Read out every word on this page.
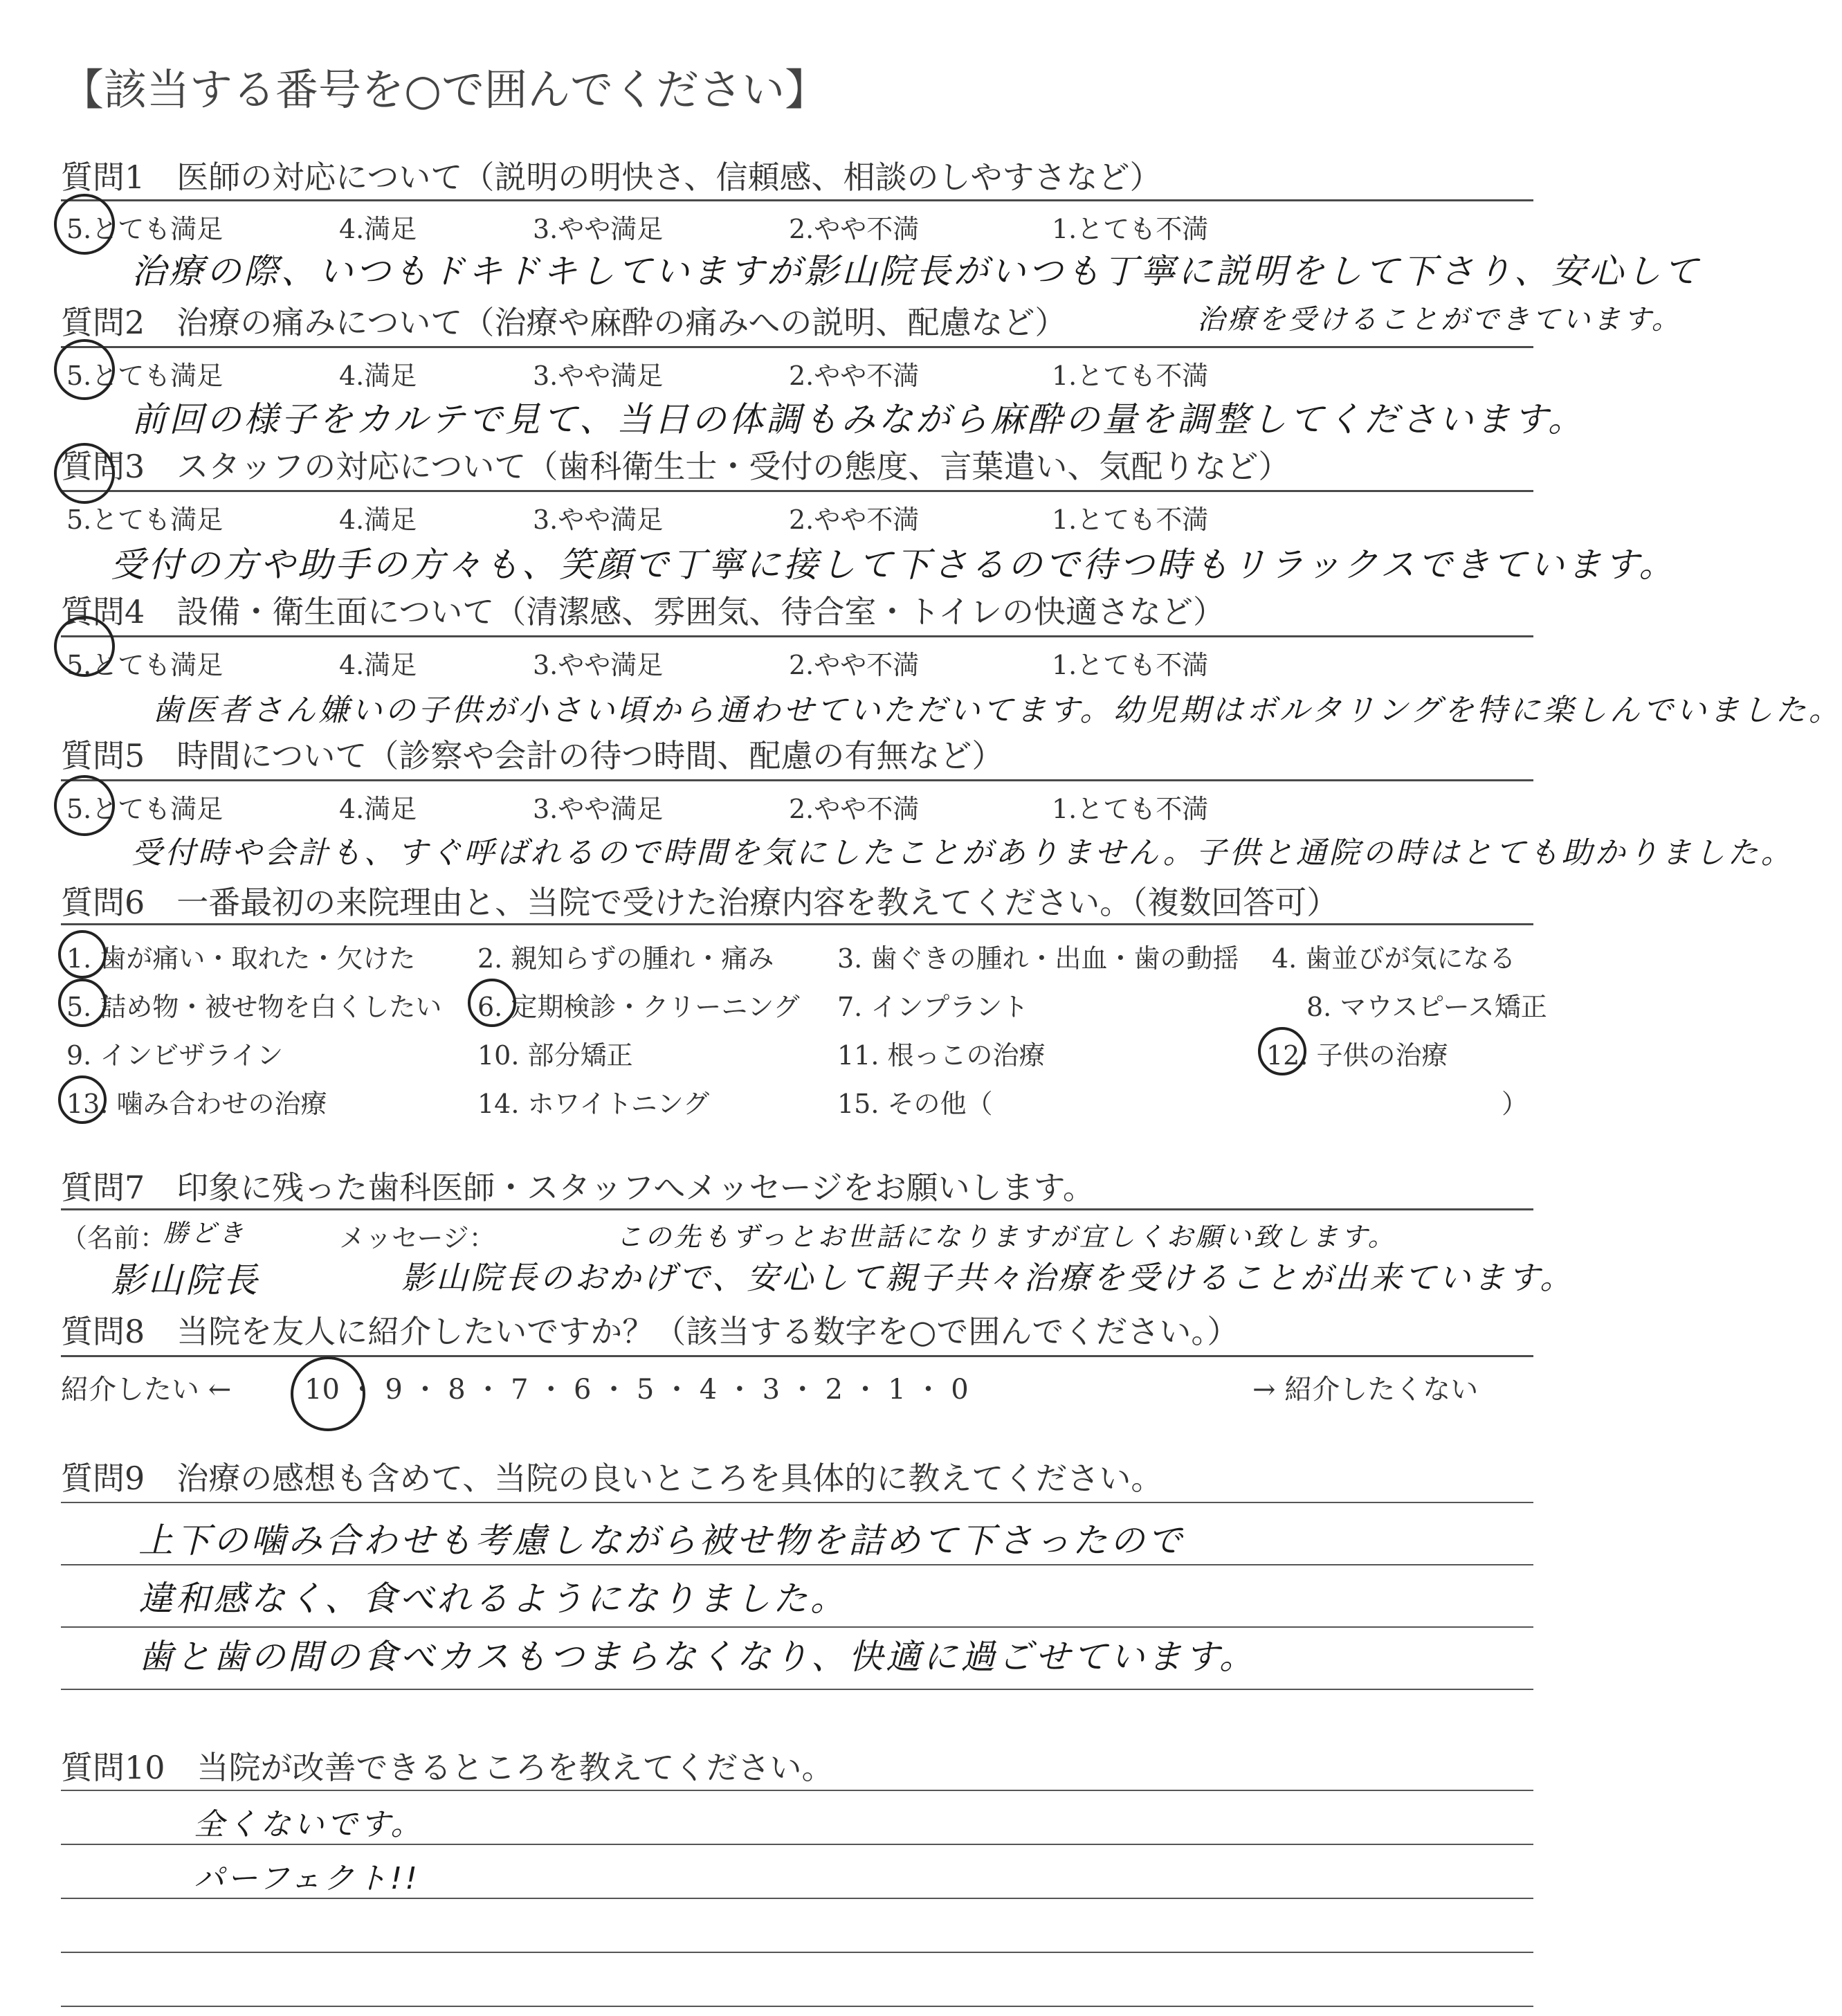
【該当する番号を○で囲んでください】
質問1　医師の対応について（説明の明快さ、信頼感、相談のしやすさなど）
5.とても満足	4.満足	3.やや満足	2.やや不満	1.とても不満
治療の際、いつもドキドキしていますが影山院長がいつも丁寧に説明をして下さり、安心して
質問2　治療の痛みについて（治療や麻酔の痛みへの説明、配慮など）	治療を受けることができています。
5.とても満足	4.満足	3.やや満足	2.やや不満	1.とても不満
前回の様子をカルテで見て、当日の体調もみながら麻酔の量を調整してくださいます。
質問3　スタッフの対応について（歯科衛生士・受付の態度、言葉遣い、気配りなど）
5.とても満足	4.満足	3.やや満足	2.やや不満	1.とても不満
受付の方や助手の方々も、笑顔で丁寧に接して下さるので待つ時もリラックスできています。
質問4　設備・衛生面について（清潔感、雰囲気、待合室・トイレの快適さなど）
5.とても満足	4.満足	3.やや満足	2.やや不満	1.とても不満
歯医者さん嫌いの子供が小さい頃から通わせていただいてます。幼児期はボルタリングを特に楽しんでいました。
質問5　時間について（診察や会計の待つ時間、配慮の有無など）
5.とても満足	4.満足	3.やや満足	2.やや不満	1.とても不満
受付時や会計も、すぐ呼ばれるので時間を気にしたことがありません。子供と通院の時はとても助かりました。
質問6　一番最初の来院理由と、当院で受けた治療内容を教えてください。（複数回答可）
1. 歯が痛い・取れた・欠けた 2. 親知らずの腫れ・痛み 3. 歯ぐきの腫れ・出血・歯の動揺 4. 歯並びが気になる
5. 詰め物・被せ物を白くしたい 6. 定期検診・クリーニング 7. インプラント	8. マウスピース矯正
9. インビザライン	10. 部分矯正	11. 根っこの治療	12. 子供の治療
13. 噛み合わせの治療	14. ホワイトニング	15. その他（	）
質問7　印象に残った歯科医師・スタッフへメッセージをお願いします。
（名前：
勝どき	メッセージ：	この先もずっとお世話になりますが宜しくお願い致します。
影山院長	影山院長のおかげで、安心して親子共々治療を受けることが出来ています。
質問8　当院を友人に紹介したいですか？（該当する数字を○で囲んでください。）
紹介したい ←	10 ・ 9 ・ 8 ・ 7 ・ 6 ・ 5 ・ 4 ・ 3 ・ 2 ・ 1 ・ 0	→ 紹介したくない
質問9　治療の感想も含めて、当院の良いところを具体的に教えてください。
上下の噛み合わせも考慮しながら被せ物を詰めて下さったので
違和感なく、食べれるようになりました。
歯と歯の間の食べカスもつまらなくなり、快適に過ごせています。
質問10　当院が改善できるところを教えてください。
全くないです。
パーフェクト!!
